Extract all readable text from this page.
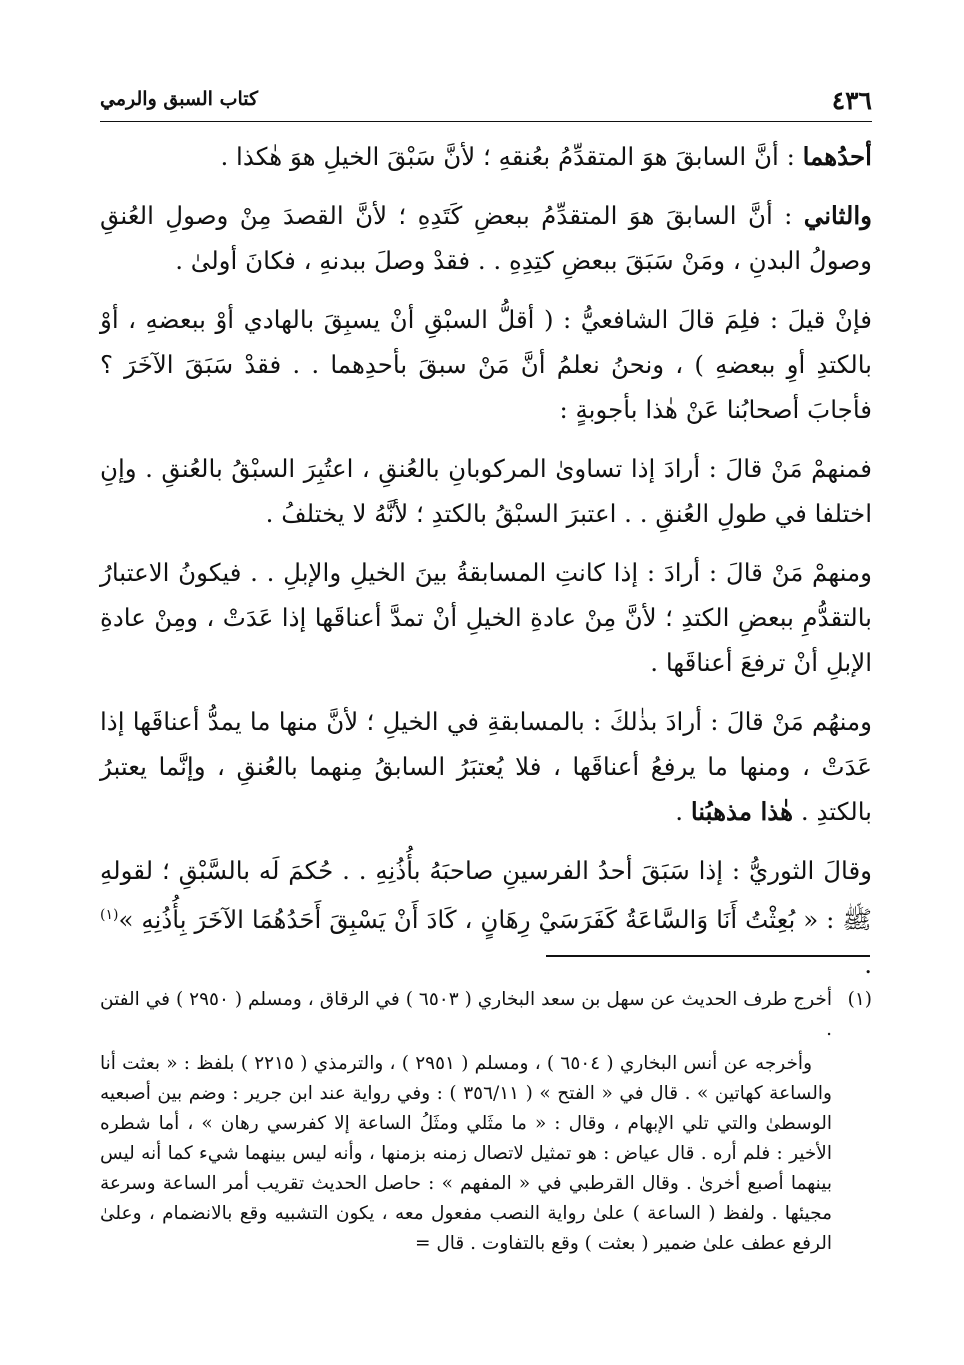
٤٣٦
كتاب السبق والرمي

أحدُهما : أنَّ السابقَ هوَ المتقدِّمُ بعُنقهِ ؛ لأنَّ سَبْقَ الخيلِ هوَ هٰكذا .

والثاني : أنَّ السابقَ هوَ المتقدِّمُ ببعضِ كَتَدِهِ ؛ لأنَّ القصدَ مِنْ وصولِ العُنقِ وصولُ البدنِ ، ومَنْ سَبَقَ ببعضِ كتِدِهِ . . فقدْ وصلَ ببدنهِ ، فكانَ أولىٰ .

فإنْ قيلَ : فلِمَ قالَ الشافعيُّ : ( أقلُّ السبْقِ أنْ يسبِقَ بالهادي أوْ ببعضهِ ، أوْ بالكتدِ أوِ ببعضهِ ) ، ونحنُ نعلمُ أنَّ مَنْ سبقَ بأحدِهما . . فقدْ سَبَقَ الآخَرَ ؟ فأجابَ أصحابُنا عَنْ هٰذا بأجوبةٍ :

فمنهمْ مَنْ قالَ : أرادَ إذا تساوىٰ المركوبانِ بالعُنقِ ، اعتُبِرَ السبْقُ بالعُنقِ . وإنِ اختلفا في طولِ العُنقِ . . اعتبرَ السبْقُ بالكتدِ ؛ لأنَّهُ لا يختلفُ .

ومنهمْ مَنْ قالَ : أرادَ : إذا كانتِ المسابقةُ بينَ الخيلِ والإبلِ . . فيكونُ الاعتبارُ بالتقدُّمِ ببعضِ الكتدِ ؛ لأنَّ مِنْ عادةِ الخيلِ أنْ تمدَّ أعناقَها إذا عَدَتْ ، ومِنْ عادةِ الإبلِ أنْ ترفعَ أعناقَها .

ومنهُم مَنْ قالَ : أرادَ بذٰلكَ : بالمسابقةِ في الخيلِ ؛ لأنَّ منها ما يمدُّ أعناقَها إذا عَدَتْ ، ومنها ما يرفعُ أعناقَها ، فلا يُعتبَرُ السابقُ مِنهما بالعُنقِ ، وإنَّما يعتبرُ بالكتدِ . هٰذا مذهبُنا .

وقالَ الثوريُّ : إذا سَبَقَ أحدُ الفرسينِ صاحبَهُ بأُذُنِهِ . . حُكمَ لَه بالسَّبْقِ ؛ لقولهِ ﷺ : « بُعِثْتُ أَنَا وَالسَّاعَةُ كَفَرَسَيْ رِهَانٍ ، كَادَ أَنْ يَسْبِقَ أَحَدُهُمَا الآخَرَ بِأُذُنِهِ »$^{(١)}$ .

(١)

أخرج طرف الحديث عن سهل بن سعد البخاري ( ٦٥٠٣ ) في الرقاق ، ومسلم ( ٢٩٥٠ ) في الفتن .

وأخرجه عن أنس البخاري ( ٦٥٠٤ ) ، ومسلم ( ٢٩٥١ ) ، والترمذي ( ٢٢١٥ ) بلفظ : « بعثت أنا والساعة كهاتين » . قال في « الفتح » ( ٣٥٦/١١ ) : وفي رواية عند ابن جرير : وضم بين أصبعيه الوسطىٰ والتي تلي الإبهام ، وقال : « ما مثَلي ومثَلُ الساعة إلا كفرسي رهان » ، أما شطره الأخير : فلم أره . قال عياض : هو تمثيل لاتصال زمنه بزمنها ، وأنه ليس بينهما شيء كما أنه ليس بينهما أصبع أخرىٰ . وقال القرطبي في « المفهم » : حاصل الحديث تقريب أمر الساعة وسرعة مجيئها . ولفظ ( الساعة ) علىٰ رواية النصب مفعول معه ، يكون التشبيه وقع بالانضمام ، وعلىٰ الرفع عطف علىٰ ضمير ( بعثت ) وقع بالتفاوت . قال =
